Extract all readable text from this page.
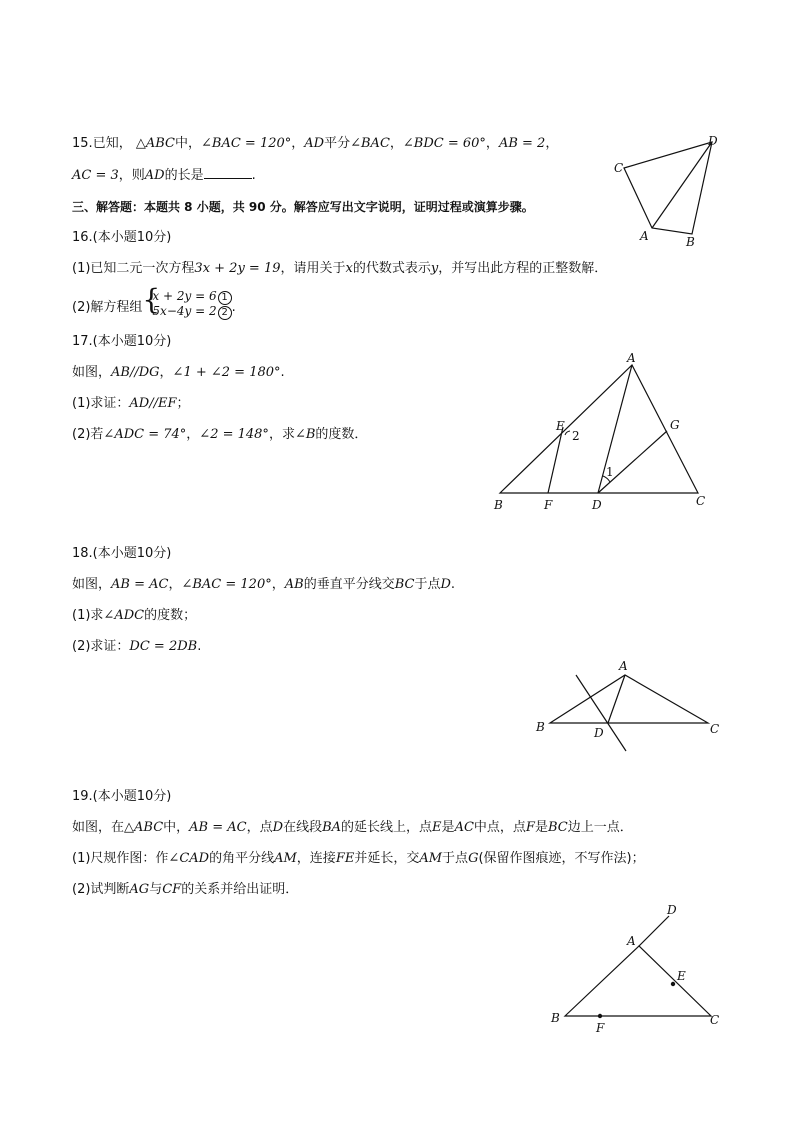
15.已知， △ABC中，∠BAC = 120°，AD平分∠BAC，∠BDC = 60°，AB = 2，
AC = 3，则AD的长是	.	C
D
A	B
三、解答题：本题共 8 小题，共 90 分。解答应写出文字说明，证明过程或演算步骤。
16.(本小题10分)
(1)已知二元一次方程3x + 2y = 19，请用关于x的代数式表示y，并写出此方程的正整数解．
(2)解方程组 {
x + 2y = 6 1
5x−4y = 2 2 .
17.(本小题10分)
如图，AB//DG，∠1 + ∠2 = 180°.
(1)求证：AD//EF；
(2)若∠ADC = 74°，∠2 = 148°，求∠B的度数．
A
E	G
B	F	D	C
1
2
18.(本小题10分)
如图，AB = AC，∠BAC = 120°，AB的垂直平分线交BC于点D.
(1)求∠ADC的度数；
(2)求证：DC = 2DB.
A
B	D	C
19.(本小题10分)
如图，在△ABC中，AB = AC，点D在线段BA的延长线上，点E是AC中点，点F是BC边上一点．
(1)尺规作图：作∠CAD的角平分线AM，连接FE并延长，交AM于点G(保留作图痕迹，不写作法)；
(2)试判断AG与CF的关系并给出证明．
D
A
E
B
F
C
